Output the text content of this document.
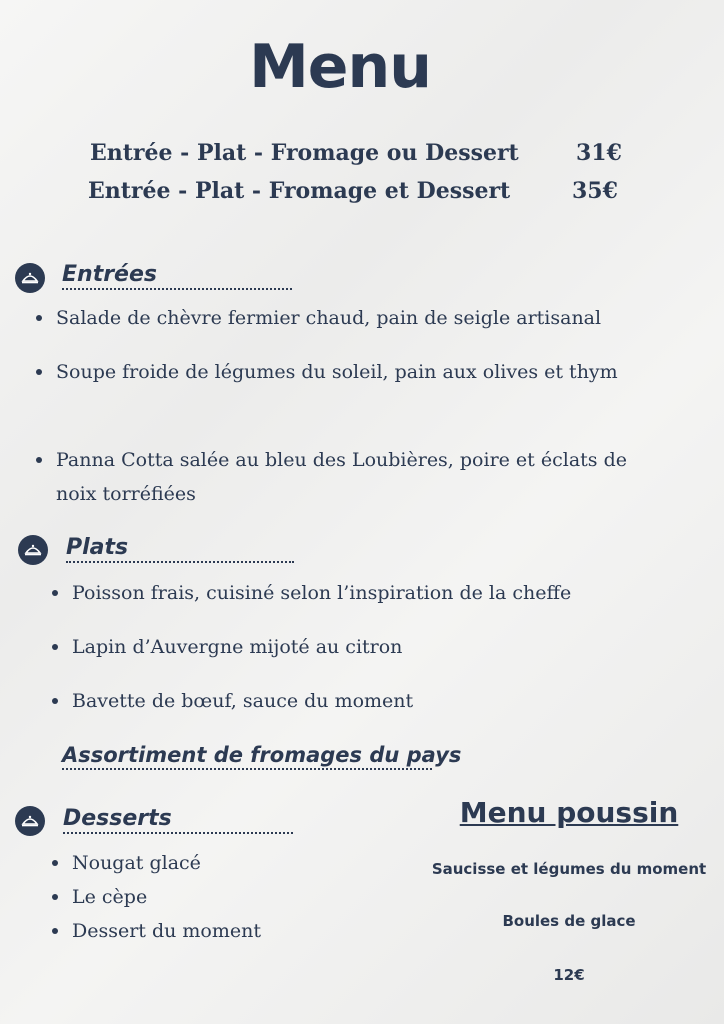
Menu
Entrée - Plat - Fromage ou Dessert	31€
Entrée - Plat - Fromage et Dessert	35€
Entrées
Salade de chèvre fermier chaud, pain de seigle artisanal
Soupe froide de légumes du soleil, pain aux olives et thym
Panna Cotta salée au bleu des Loubières, poire et éclats de noix torréfiées
Plats
Poisson frais, cuisiné selon l’inspiration de la cheffe
Lapin d’Auvergne mijoté au citron
Bavette de bœuf, sauce du moment
Assortiment de fromages du pays
Desserts
Nougat glacé
Le cèpe
Dessert du moment
Menu poussin
Saucisse et légumes du moment
Boules de glace
12€
